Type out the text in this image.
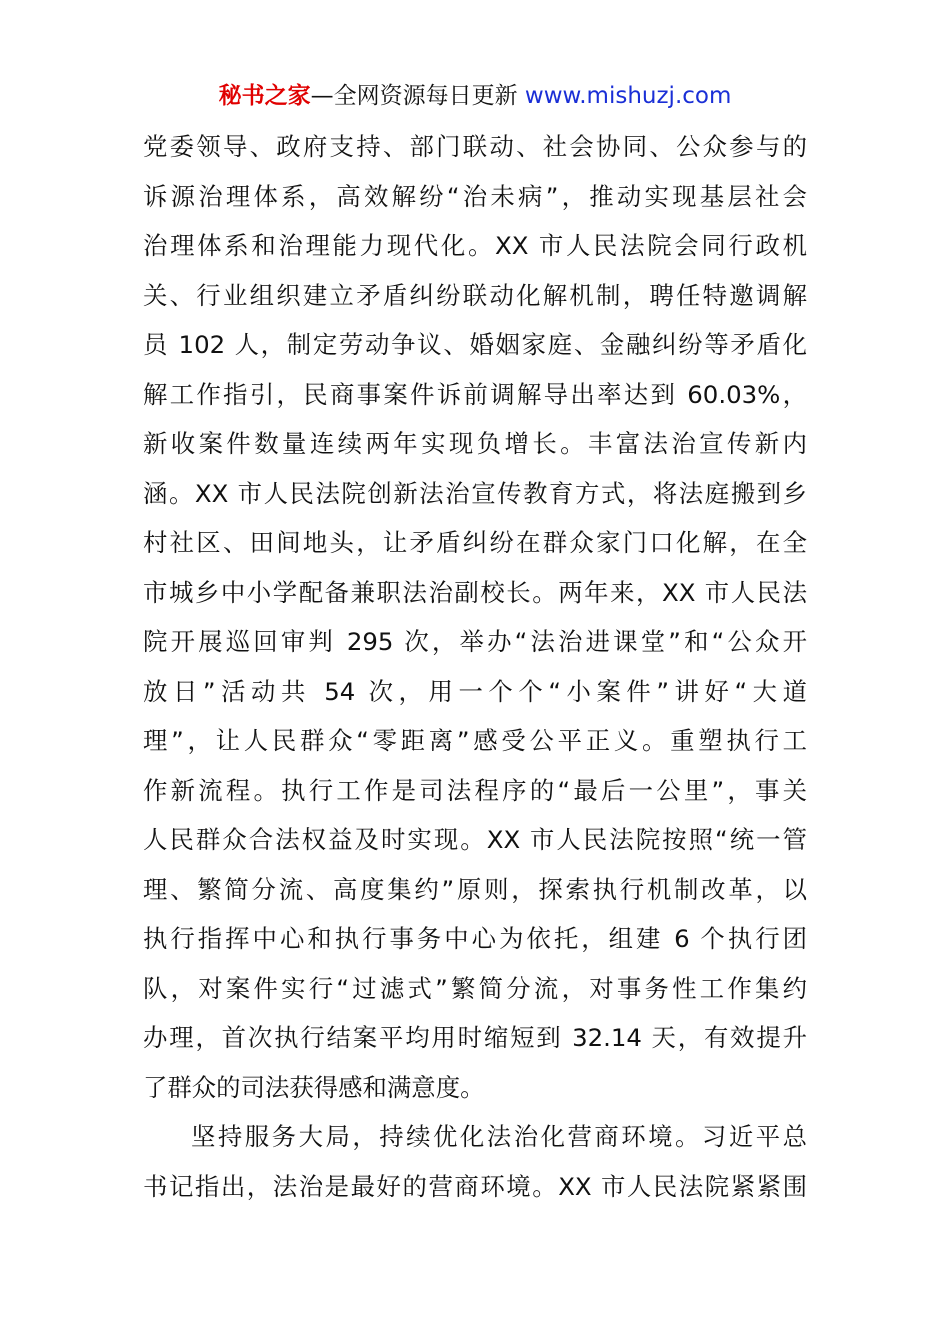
秘书之家—全网资源每日更新 www.mishuzj.com
党委领导、政府支持、部门联动、社会协同、公众参与的
诉源治理体系，高效解纷“治未病”，推动实现基层社会
治理体系和治理能力现代化。XX 市人民法院会同行政机
关、行业组织建立矛盾纠纷联动化解机制，聘任特邀调解
员 102 人，制定劳动争议、婚姻家庭、金融纠纷等矛盾化
解工作指引，民商事案件诉前调解导出率达到 60.03%，
新收案件数量连续两年实现负增长。丰富法治宣传新内
涵。XX 市人民法院创新法治宣传教育方式，将法庭搬到乡
村社区、田间地头，让矛盾纠纷在群众家门口化解，在全
市城乡中小学配备兼职法治副校长。两年来，XX 市人民法
院开展巡回审判 295 次，举办“法治进课堂”和“公众开
放日”活动共 54 次，用一个个“小案件”讲好“大道
理”，让人民群众“零距离”感受公平正义。重塑执行工
作新流程。执行工作是司法程序的“最后一公里”，事关
人民群众合法权益及时实现。XX 市人民法院按照“统一管
理、繁简分流、高度集约”原则，探索执行机制改革，以
执行指挥中心和执行事务中心为依托，组建 6 个执行团
队，对案件实行“过滤式”繁简分流，对事务性工作集约
办理，首次执行结案平均用时缩短到 32.14 天，有效提升
了群众的司法获得感和满意度。
坚持服务大局，持续优化法治化营商环境。习近平总
书记指出，法治是最好的营商环境。XX 市人民法院紧紧围
